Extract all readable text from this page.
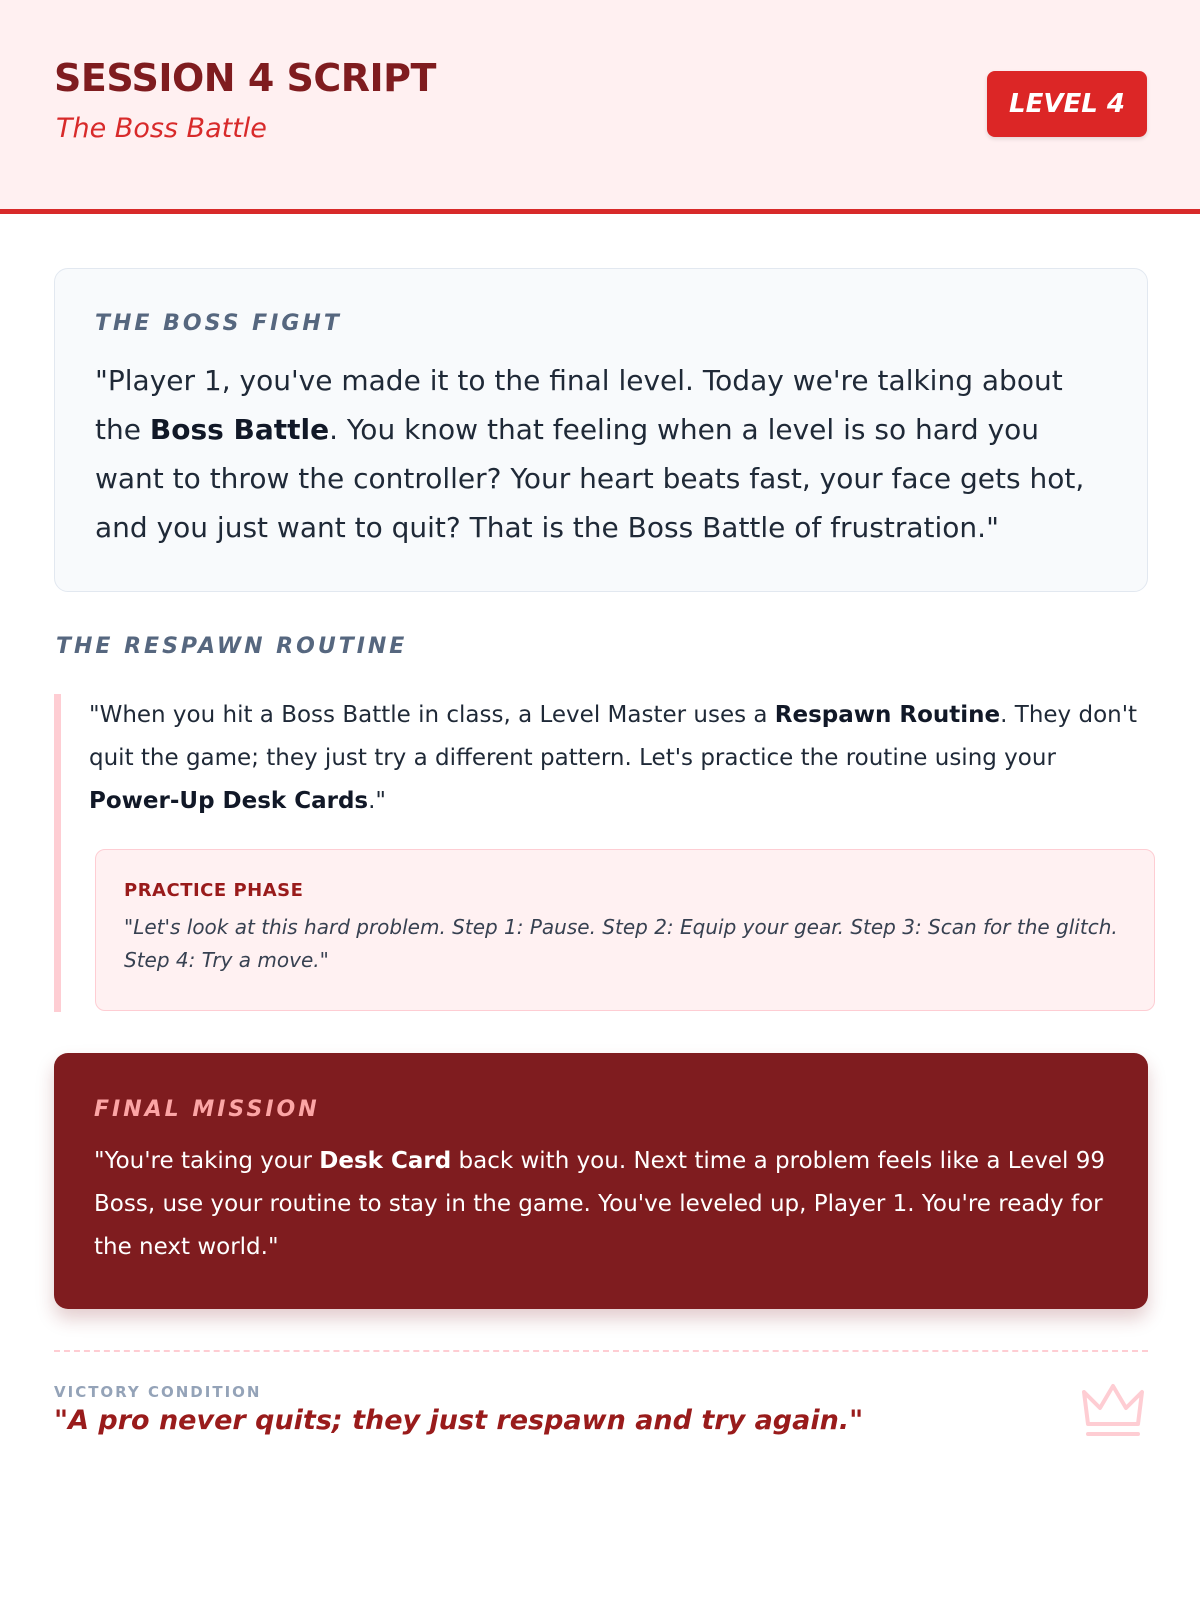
SESSION 4 SCRIPT
The Boss Battle
LEVEL 4
THE BOSS FIGHT
"Player 1, you've made it to the final level. Today we're talking about the Boss Battle. You know that feeling when a level is so hard you want to throw the controller? Your heart beats fast, your face gets hot, and you just want to quit? That is the Boss Battle of frustration."
THE RESPAWN ROUTINE
"When you hit a Boss Battle in class, a Level Master uses a Respawn Routine. They don't quit the game; they just try a different pattern. Let's practice the routine using your Power-Up Desk Cards."
PRACTICE PHASE
"Let's look at this hard problem. Step 1: Pause. Step 2: Equip your gear. Step 3: Scan for the glitch. Step 4: Try a move."
FINAL MISSION
"You're taking your Desk Card back with you. Next time a problem feels like a Level 99 Boss, use your routine to stay in the game. You've leveled up, Player 1. You're ready for the next world."
VICTORY CONDITION
"A pro never quits; they just respawn and try again."
